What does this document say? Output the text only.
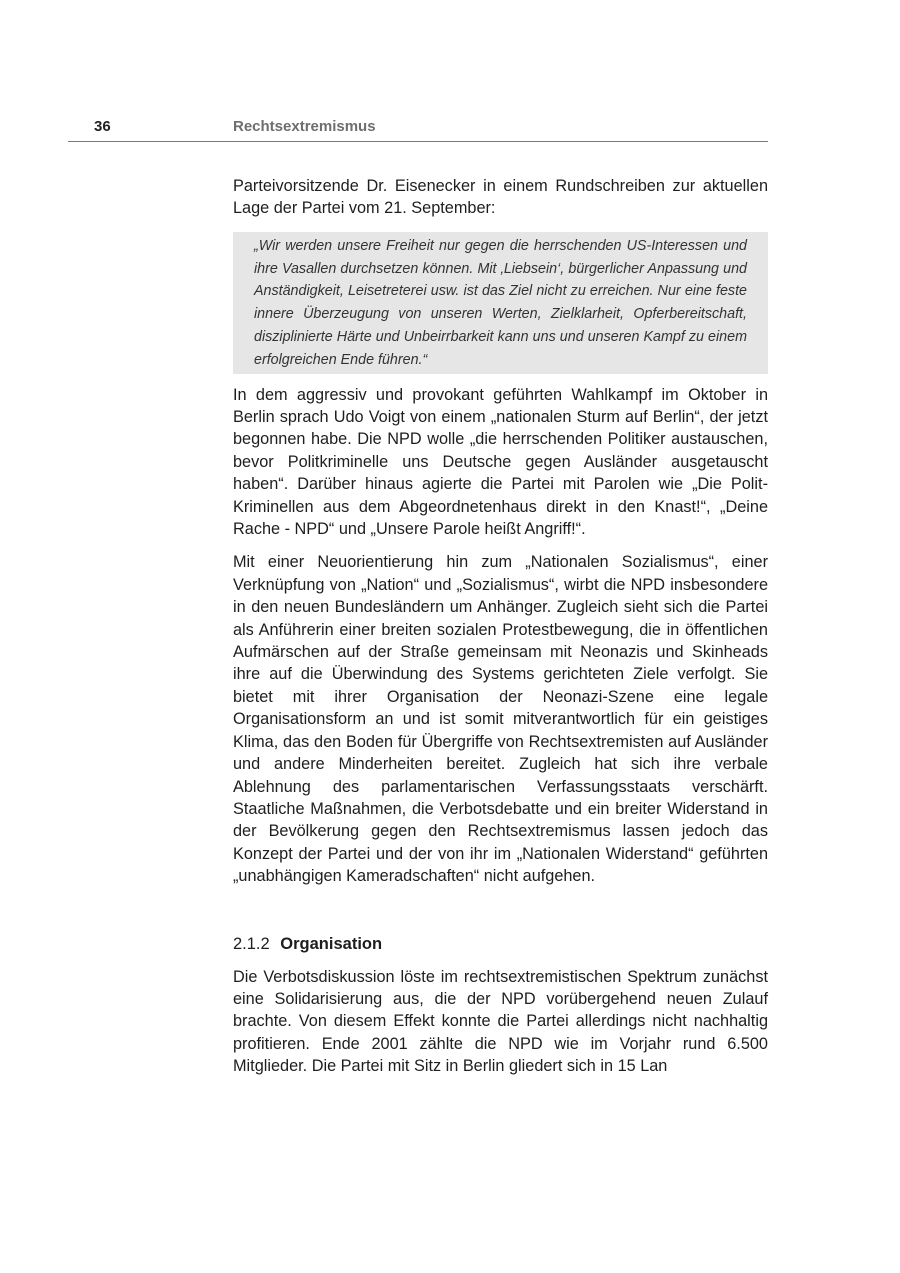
36	Rechtsextremismus

Parteivorsitzende Dr. Eisenecker in einem Rundschreiben zur aktuellen Lage der Partei vom 21. September:

„Wir werden unsere Freiheit nur gegen die herrschenden US-Interessen und ihre Vasallen durchsetzen können. Mit ‚Liebsein‘, bürgerlicher Anpassung und Anständigkeit, Leisetreterei usw. ist das Ziel nicht zu erreichen. Nur eine feste innere Überzeugung von unseren Werten, Zielklarheit, Opferbereitschaft, disziplinierte Härte und Unbeirrbarkeit kann uns und unseren Kampf zu einem erfolgreichen Ende führen.“

In dem aggressiv und provokant geführten Wahlkampf im Oktober in Berlin sprach Udo Voigt von einem „nationalen Sturm auf Berlin“, der jetzt begonnen habe. Die NPD wolle „die herrschenden Politiker austauschen, bevor Politkriminelle uns Deutsche gegen Ausländer ausgetauscht haben“. Darüber hinaus agierte die Partei mit Parolen wie „Die Polit-Kriminellen aus dem Abgeordnetenhaus direkt in den Knast!“, „Deine Rache - NPD“ und „Unsere Parole heißt Angriff!“.

Mit einer Neuorientierung hin zum „Nationalen Sozialismus“, einer Verknüpfung von „Nation“ und „Sozialismus“, wirbt die NPD insbesondere in den neuen Bundesländern um Anhänger. Zugleich sieht sich die Partei als Anführerin einer breiten sozialen Protestbewegung, die in öffentlichen Aufmärschen auf der Straße gemeinsam mit Neonazis und Skinheads ihre auf die Überwindung des Systems gerichteten Ziele verfolgt. Sie bietet mit ihrer Organisation der Neonazi-Szene eine legale Organisationsform an und ist somit mitverantwortlich für ein geistiges Klima, das den Boden für Übergriffe von Rechtsextremisten auf Ausländer und andere Minderheiten bereitet. Zugleich hat sich ihre verbale Ablehnung des parlamentarischen Verfassungsstaats verschärft. Staatliche Maßnahmen, die Verbotsdebatte und ein breiter Widerstand in der Bevölkerung gegen den Rechtsextremismus lassen jedoch das Konzept der Partei und der von ihr im „Nationalen Widerstand“ geführten „unabhängigen Kameradschaften“ nicht aufgehen.

2.1.2 Organisation

Die Verbotsdiskussion löste im rechtsextremistischen Spektrum zunächst eine Solidarisierung aus, die der NPD vorübergehend neuen Zulauf brachte. Von diesem Effekt konnte die Partei allerdings nicht nachhaltig profitieren. Ende 2001 zählte die NPD wie im Vorjahr rund 6.500 Mitglieder. Die Partei mit Sitz in Berlin gliedert sich in 15 Lan
